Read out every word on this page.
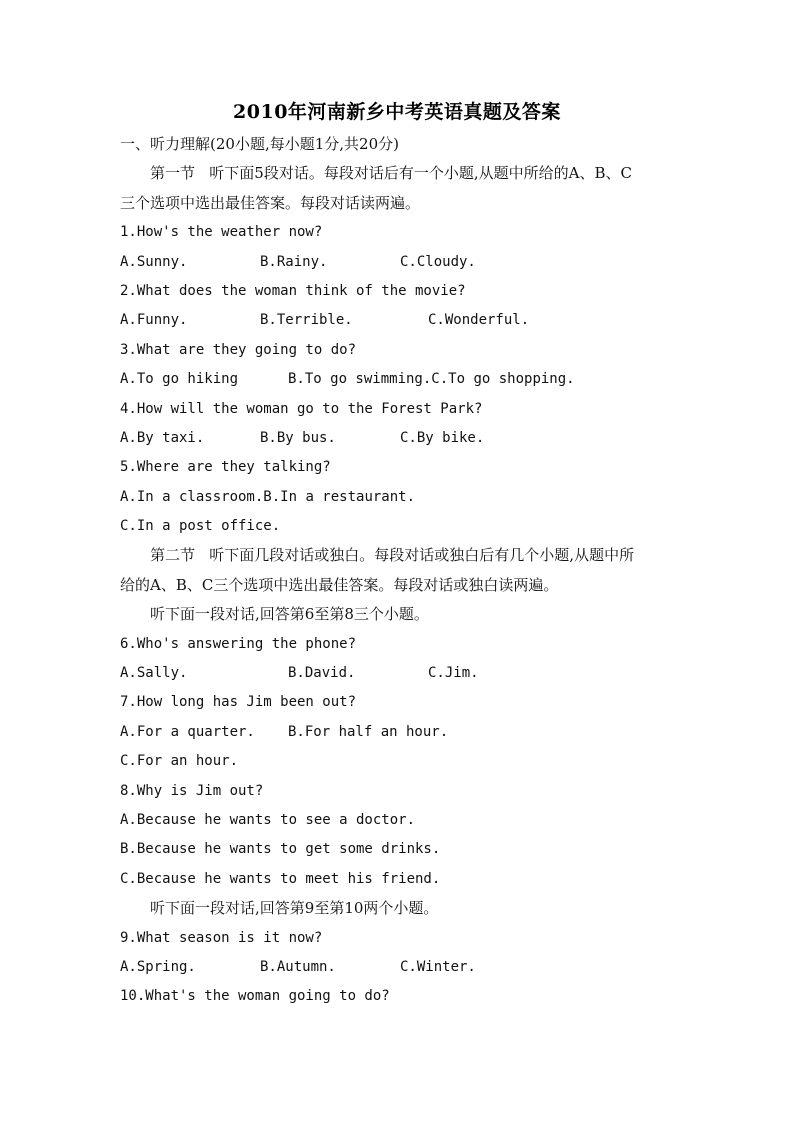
2010年河南新乡中考英语真题及答案
一、听力理解(20小题,每小题1分,共20分)
第一节   听下面5段对话。每段对话后有一个小题,从题中所给的A、B、C
三个选项中选出最佳答案。每段对话读两遍。
1.How's the weather now?
A.Sunny.	B.Rainy.	C.Cloudy.
2.What does the woman think of the movie?
A.Funny.	B.Terrible.	C.Wonderful.
3.What are they going to do?
A.To go hiking	B.To go swimming. C.To go shopping.
4.How will the woman go to the Forest Park?
A.By taxi.	B.By bus.	C.By bike.
5.Where are they talking?
A.In a classroom. B.In a restaurant.
C.In a post office.
第二节   听下面几段对话或独白。每段对话或独白后有几个小题,从题中所
给的A、B、C三个选项中选出最佳答案。每段对话或独白读两遍。
听下面一段对话,回答第6至第8三个小题。
6.Who's answering the phone?
A.Sally.	B.David.	C.Jim.
7.How long has Jim been out?
A.For a quarter.	B.For half an hour.
C.For an hour.
8.Why is Jim out?
A.Because he wants to see a doctor.
B.Because he wants to get some drinks.
C.Because he wants to meet his friend.
听下面一段对话,回答第9至第10两个小题。
9.What season is it now?
A.Spring.	B.Autumn.	C.Winter.
10.What's the woman going to do?
